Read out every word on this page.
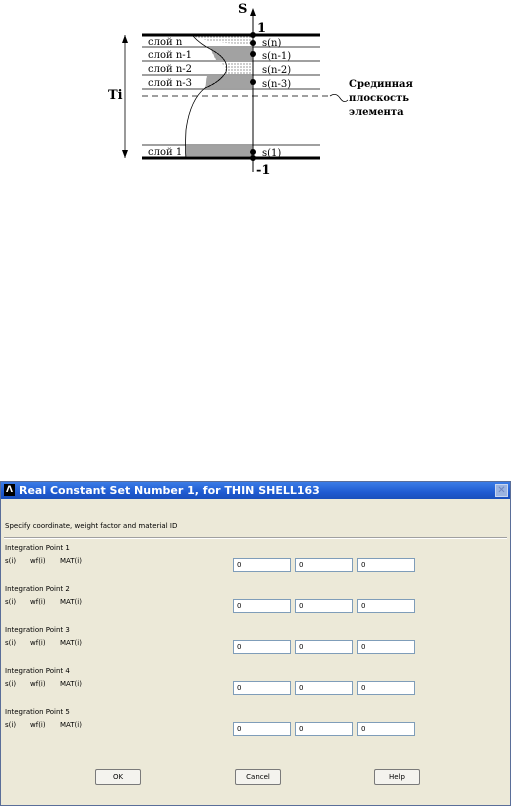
S
1
-1
Ti
слой n
слой n-1
слой n-2
слой n-3
слой 1
s(n)
s(n-1)
s(n-2)
s(n-3)
s(1)
Срединная
плоскость
элемента
Λ Real Constant Set Number 1, for THIN SHELL163	✕
Specify coordinate, weight factor and material ID
Integration Point 1
s(i) wf(i) MAT(i)	0	0	0
Integration Point 2
s(i) wf(i) MAT(i)	0	0	0
Integration Point 3
s(i) wf(i) MAT(i)	0	0	0
Integration Point 4
s(i) wf(i) MAT(i)	0	0	0
Integration Point 5
s(i) wf(i) MAT(i)	0	0	0
OK	Cancel	Help
